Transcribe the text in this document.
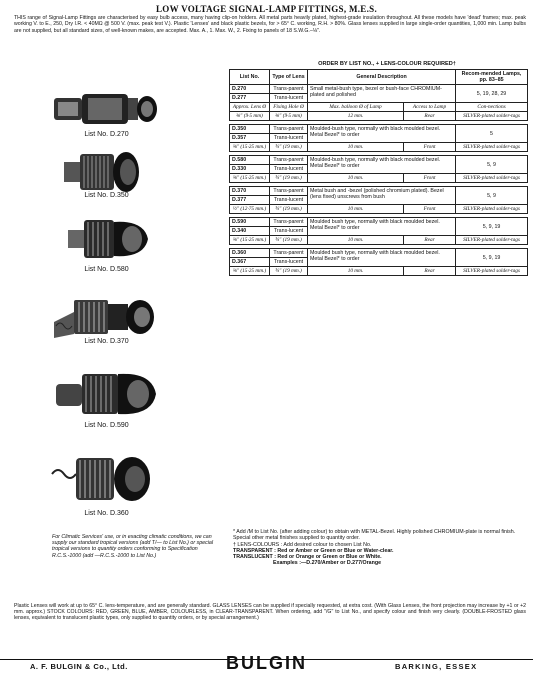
LOW VOLTAGE SIGNAL-LAMP FITTINGS, M.E.S.
THIS range of Signal-Lamp Fittings are characterised by easy bulb access, many having clip-on holders. All metal parts heavily plated, highest-grade insulation throughout. All these models have 'dead' frames; max. peak working V. to E., 250, Dry I.R. < 40MΩ @ 500 V. (max. peak test V.). Plastic 'Lenses' and black plastic bezels, for > 65° C. working, R.H. > 80%. Glass lenses supplied in large single-order quantities, 1,000 min. Lamp bulbs are not supplied, but all standard sizes, of well-known makes, are accepted. Max. A., 1. Max. W., 2. Fixing to panels of 18 S.W.G.–⅛".
ORDER BY LIST NO., + LENS-COLOUR REQUIRED†
List No. D.270
List No. D.350
List No. D.580
List No. D.370
List No. D.590
List No. D.360
For Climatic Services' use, or in exacting climatic conditions, we can supply our standard tropical versions (add T/— to List No.) or special tropical versions to quantity orders conforming to Specification R.C.S.-1000 (add —R.C.S.-1000 to List No.)
List No.	Type of Lens	General Description		Recom-mended Lamps, pp. 83–85
D.270	Trans-parent	Small metal-bush type, bezel or bush-face CHROMIUM-plated and polished		5, 19, 28, 29
D.277	Trans-lucent			
Approx. Lens Ø	Fixing Hole Ø	Max. balloon Ø of Lamp	Access to Lamp	Con-nections
⅜" (9·5 mm)	⅜" (9·5 mm)	12 mm.	Rear	SILVER-plated solder-tags

D.350	Trans-parent	Moulded-bush type, normally with black moulded bezel. Metal Bezel* to order		5
D.357	Trans-lucent			
⅝" (15·25 mm.)	¾" (19 mm.)	10 mm.	Front	SILVER-plated solder-tags

D.580	Trans-parent	Moulded-bush type, normally with black moulded bezel. Metal Bezel* to order		5, 9
D.330	Trans-lucent			
⅝" (15·25 mm.)	¾" (19 mm.)	10 mm.	Front	SILVER-plated solder-tags

D.370	Trans-parent	Metal bush and -bezel (polished chromium plated). Bezel (lens fixed) unscrews from bush		5, 9
D.377	Trans-lucent			
½" (12·75 mm.)	¾" (19 mm.)	10 mm.	Front	SILVER-plated solder-tags

D.590	Trans-parent	Moulded bush type, normally with black moulded bezel. Metal Bezel* to order		5, 9, 19
D.340	Trans-lucent			
⅝" (15·25 mm.)	¾" (19 mm.)	10 mm.	Rear	SILVER-plated solder-tags

D.360	Trans-parent	Moulded bush type, normally with black moulded bezel. Metal Bezel* to order		5, 9, 19
D.367	Trans-lucent			
⅝" (15·25 mm.)	¾" (19 mm.)	10 mm.	Rear	SILVER-plated solder-tags
* Add /M to List No. (after adding colour) to obtain with METAL-Bezel. Highly polished CHROMIUM-plate is normal finish. Special other metal finishes supplied to quantity order.
† LENS-COLOURS : Add desired colour to chosen List No.
TRANSPARENT : Red or Amber or Green or Blue or Water-clear.
TRANSLUCENT : Red or Orange or Green or Blue or White.
Examples :—D.270/Amber or D.277/Orange
Plastic Lenses will work at up to 65° C. lens-temperature, and are generally standard. GLASS LENSES can be supplied if specially requested, at extra cost. (With Glass Lenses, the front projection may increase by +1 or +2 mm. approx.) STOCK COLOURS: RED, GREEN, BLUE, AMBER, COLOURLESS, in CLEAR-TRANSPARENT. When ordering, add "/G" to List No., and specify colour and finish very clearly. (DOUBLE-FROSTED glass lenses, equivalent to translucent plastic types, only supplied to quantity orders, or by special arrangement.)
A. F. BULGIN & Co., Ltd.	BULGIN	BARKING, ESSEX
